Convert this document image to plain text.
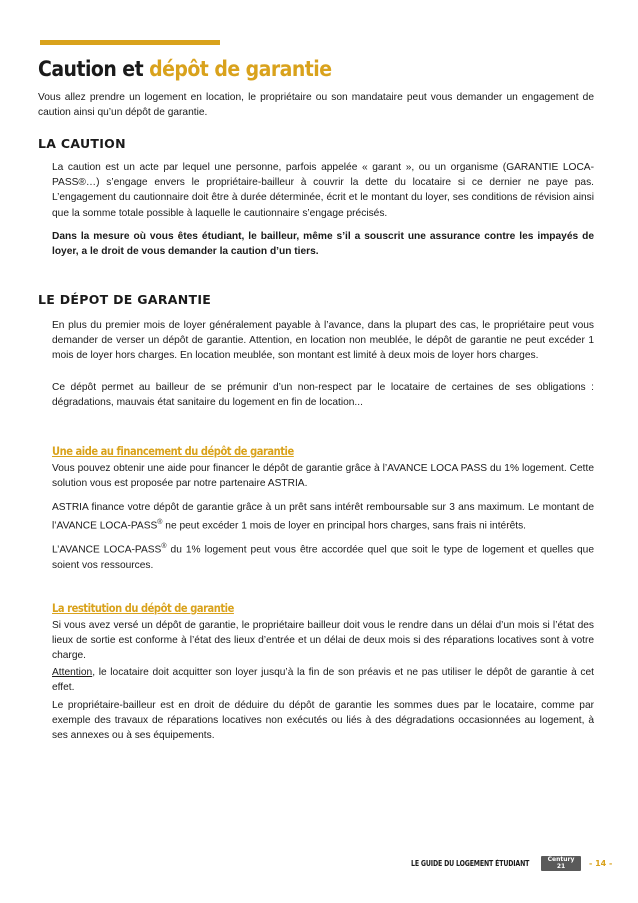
Caution et dépôt de garantie

Vous allez prendre un logement en location, le propriétaire ou son mandataire peut vous demander un engagement de caution ainsi qu’un dépôt de garantie.

LA CAUTION

La caution est un acte par lequel une personne, parfois appelée « garant », ou un organisme (GARANTIE LOCA-PASS®…) s’engage envers le propriétaire-bailleur à couvrir la dette du locataire si ce dernier ne paye pas. L’engagement du cautionnaire doit être à durée déterminée, écrit et le montant du loyer, ses conditions de révision ainsi que la somme totale possible à laquelle le cautionnaire s’engage précisés.

Dans la mesure où vous êtes étudiant, le bailleur, même s’il a souscrit une assurance contre les impayés de loyer, a le droit de vous demander la caution d’un tiers.

LE DÉPOT DE GARANTIE

En plus du premier mois de loyer généralement payable à l’avance, dans la plupart des cas, le propriétaire peut vous demander de verser un dépôt de garantie. Attention, en location non meublée, le dépôt de garantie ne peut excéder 1 mois de loyer hors charges. En location meublée, son montant est limité à deux mois de loyer hors charges.

Ce dépôt permet au bailleur de se prémunir d’un non-respect par le locataire de certaines de ses obligations : dégradations, mauvais état sanitaire du logement en fin de location...

Une aide au financement du dépôt de garantie

Vous pouvez obtenir une aide pour financer le dépôt de garantie grâce à l’AVANCE LOCA PASS du 1% logement. Cette solution vous est proposée par notre partenaire ASTRIA.

ASTRIA finance votre dépôt de garantie grâce à un prêt sans intérêt remboursable sur 3 ans maximum. Le montant de l’AVANCE LOCA-PASS® ne peut excéder 1 mois de loyer en principal hors charges, sans frais ni intérêts.

L’AVANCE LOCA-PASS® du 1% logement peut vous être accordée quel que soit le type de logement et quelles que soient vos ressources.

La restitution du dépôt de garantie

Si vous avez versé un dépôt de garantie, le propriétaire bailleur doit vous le rendre dans un délai d’un mois si l’état des lieux de sortie est conforme à l’état des lieux d’entrée et un délai de deux mois si des réparations locatives sont à votre charge.

Attention, le locataire doit acquitter son loyer jusqu’à la fin de son préavis et ne pas utiliser le dépôt de garantie à cet effet.

Le propriétaire-bailleur est en droit de déduire du dépôt de garantie les sommes dues par le locataire, comme par exemple des travaux de réparations locatives non exécutés ou liés à des dégradations occasionnées au logement, à ses annexes ou à ses équipements.

LE GUIDE DU LOGEMENT ÉTUDIANT	Century
21	- 14 -
